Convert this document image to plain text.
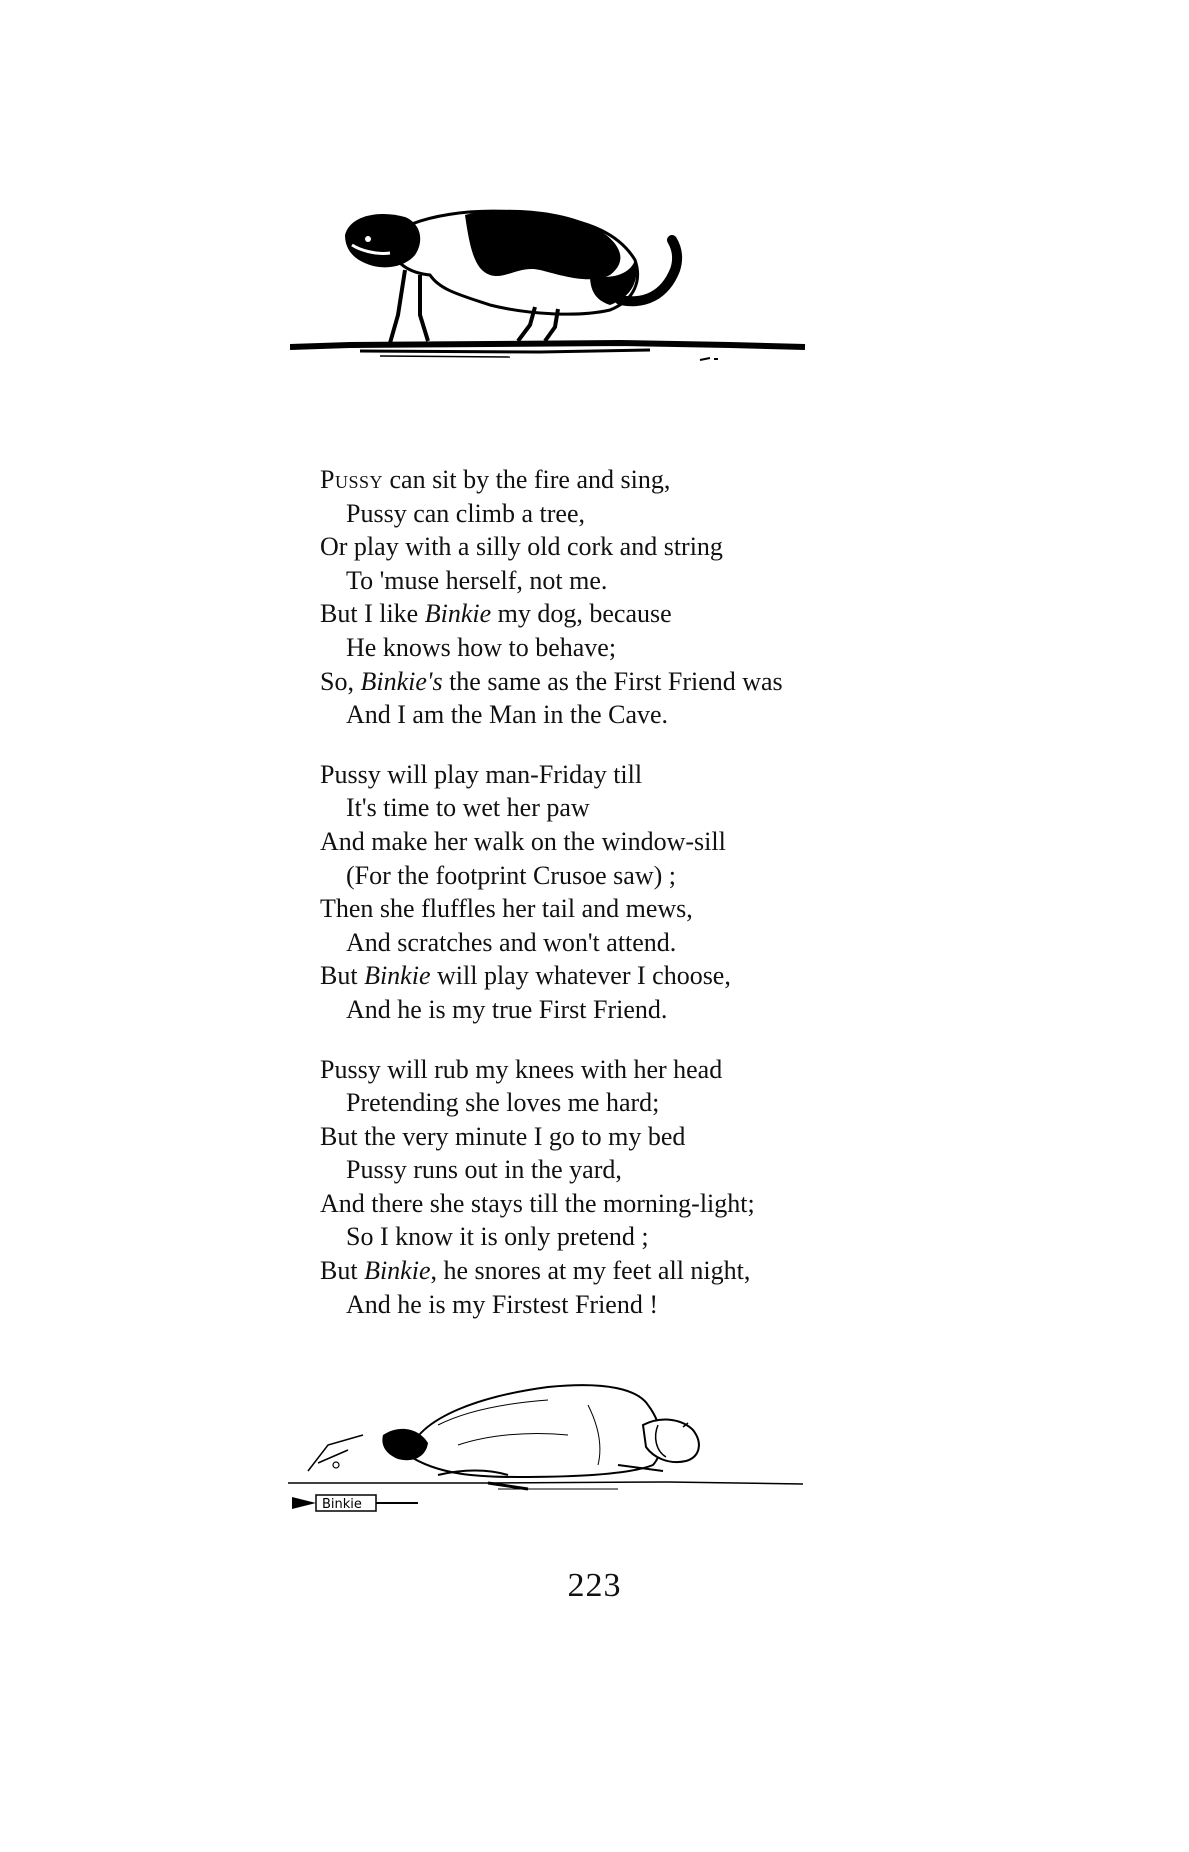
Pussy can sit by the fire and sing,
Pussy can climb a tree,
Or play with a silly old cork and string
To 'muse herself, not me.
But I like Binkie my dog, because
He knows how to behave;
So, Binkie's the same as the First Friend was
And I am the Man in the Cave.
Pussy will play man-Friday till
It's time to wet her paw
And make her walk on the window-sill
(For the footprint Crusoe saw) ;
Then she fluffles her tail and mews,
And scratches and won't attend.
But Binkie will play whatever I choose,
And he is my true First Friend.
Pussy will rub my knees with her head
Pretending she loves me hard;
But the very minute I go to my bed
Pussy runs out in the yard,
And there she stays till the morning-light;
So I know it is only pretend ;
But Binkie, he snores at my feet all night,
And he is my Firstest Friend !
Binkie
223
